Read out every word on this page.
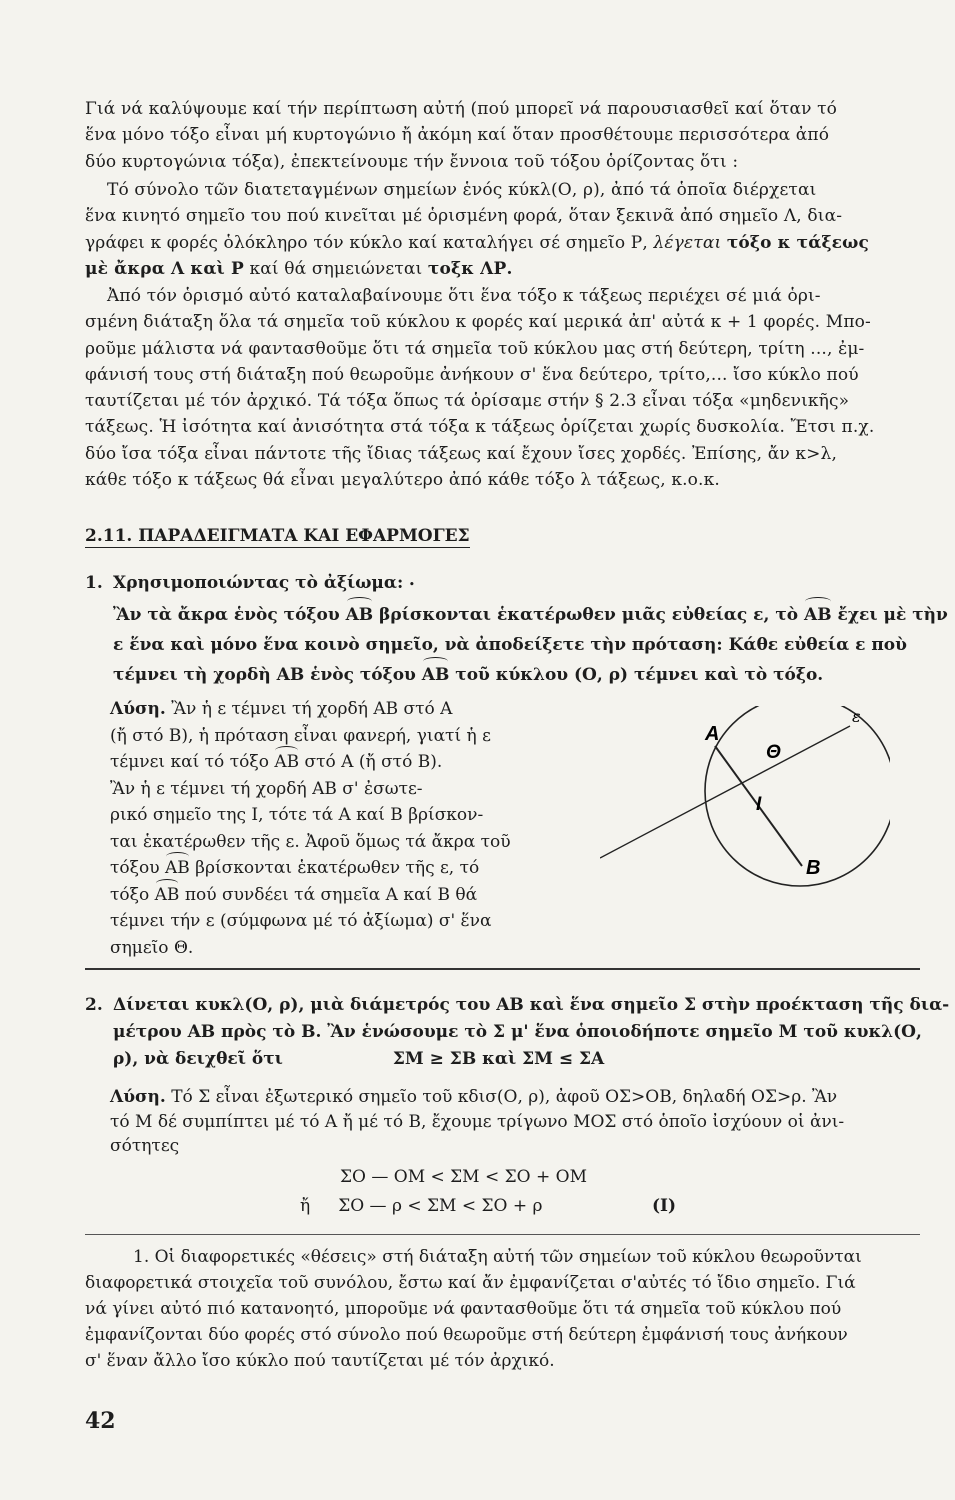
Γιά νά καλύψουμε καί τήν περίπτωση αὐτή (πού μπορεῖ νά παρουσιασθεῖ καί ὅταν τό
ἕνα μόνο τόξο εἶναι μή κυρτογώνιο ἤ ἀκόμη καί ὅταν προσθέτουμε περισσότερα ἀπό
δύο κυρτογώνια τόξα), ἐπεκτείνουμε τήν ἔννοια τοῦ τόξου ὁρίζοντας ὅτι :
Τό σύνολο τῶν διατεταγμένων σημείων ἑνός κύκλ(Ο, ρ), ἀπό τά ὁποῖα διέρχεται
ἕνα κινητό σημεῖο του πού κινεῖται μέ ὁρισμένη φορά, ὅταν ξεκινᾶ ἀπό σημεῖο Λ, δια-
γράφει κ φορές ὁλόκληρο τόν κύκλο καί καταλήγει σέ σημεῖο Ρ, λέγεται τόξο κ τάξεως
μὲ ἄκρα Λ καὶ Ρ καί θά σημειώνεται τοξκ ΛΡ.
Ἀπό τόν ὁρισμό αὐτό καταλαβαίνουμε ὅτι ἕνα τόξο κ τάξεως περιέχει σέ μιά ὁρι-
σμένη διάταξη ὅλα τά σημεῖα τοῦ κύκλου κ φορές καί μερικά ἀπ' αὐτά κ + 1 φορές. Μπο-
ροῦμε μάλιστα νά φαντασθοῦμε ὅτι τά σημεῖα τοῦ κύκλου μας στή δεύτερη, τρίτη ..., ἐμ-
φάνισή τους στή διάταξη πού θεωροῦμε ἀνήκουν σ' ἕνα δεύτερο, τρίτο,... ἴσο κύκλο πού
ταυτίζεται μέ τόν ἀρχικό. Τά τόξα ὅπως τά ὁρίσαμε στήν § 2.3 εἶναι τόξα «μηδενικῆς»
τάξεως. Ἡ ἰσότητα καί ἀνισότητα στά τόξα κ τάξεως ὁρίζεται χωρίς δυσκολία. Ἔτσι π.χ.
δύο ἴσα τόξα εἶναι πάντοτε τῆς ἴδιας τάξεως καί ἔχουν ἴσες χορδές. Ἐπίσης, ἄν κ>λ,
κάθε τόξο κ τάξεως θά εἶναι μεγαλύτερο ἀπό κάθε τόξο λ τάξεως, κ.ο.κ.
2.11. ΠΑΡΑΔΕΙΓΜΑΤΑ ΚΑΙ ΕΦΑΡΜΟΓΕΣ
1. Χρησιμοποιώντας τὸ ἀξίωμα: •
Ἂν τὰ ἄκρα ἑνὸς τόξου ΑΒ βρίσκονται ἑκατέρωθεν μιᾶς εὐθείας ε, τὸ ΑΒ ἔχει μὲ τὴν
ε ἕνα καὶ μόνο ἕνα κοινὸ σημεῖο, νὰ ἀποδείξετε τὴν πρόταση: Κάθε εὐθεία ε ποὺ
τέμνει τὴ χορδὴ ΑΒ ἑνὸς τόξου ΑΒ τοῦ κύκλου (Ο, ρ) τέμνει καὶ τὸ τόξο.
Λύση. Ἂν ἡ ε τέμνει τή χορδή ΑΒ στό Α
(ἤ στό Β), ἡ πρόταση εἶναι φανερή, γιατί ἡ ε
τέμνει καί τό τόξο ΑΒ στό Α (ἤ στό Β).
Ἂν ἡ ε τέμνει τή χορδή ΑΒ σ' ἐσωτε-
ρικό σημεῖο της Ι, τότε τά Α καί Β βρίσκον-
ται ἑκατέρωθεν τῆς ε. Ἀφοῦ ὅμως τά ἄκρα τοῦ
τόξου ΑΒ βρίσκονται ἑκατέρωθεν τῆς ε, τό
τόξο ΑΒ πού συνδέει τά σημεῖα Α καί Β θά
τέμνει τήν ε (σύμφωνα μέ τό ἀξίωμα) σ' ἕνα
σημεῖο Θ.
A
B
Θ
I
ε
2. Δίνεται κυκλ(Ο, ρ), μιὰ διάμετρός του ΑΒ καὶ ἕνα σημεῖο Σ στὴν προέκταση τῆς δια-
μέτρου ΑΒ πρὸς τὸ Β. Ἂν ἑνώσουμε τὸ Σ μ' ἕνα ὁποιοδήποτε σημεῖο Μ τοῦ κυκλ(Ο,
ρ), νὰ δειχθεῖ ὅτι	ΣΜ ≥ ΣΒ καὶ ΣΜ ≤ ΣΑ
Λύση. Τό Σ εἶναι ἐξωτερικό σημεῖο τοῦ κδισ(Ο, ρ), ἀφοῦ ΟΣ>ΟΒ, δηλαδή ΟΣ>ρ. Ἂν
τό Μ δέ συμπίπτει μέ τό Α ἤ μέ τό Β, ἔχουμε τρίγωνο ΜΟΣ στό ὁποῖο ἰσχύουν οἱ ἀνι-
σότητες
ΣΟ — ΟΜ < ΣΜ < ΣΟ + ΟΜ
ἤ ΣΟ — ρ < ΣΜ < ΣΟ + ρ	(Ι)
1. Οἱ διαφορετικές «θέσεις» στή διάταξη αὐτή τῶν σημείων τοῦ κύκλου θεωροῦνται
διαφορετικά στοιχεῖα τοῦ συνόλου, ἔστω καί ἄν ἐμφανίζεται σ'αὐτές τό ἴδιο σημεῖο. Γιά
νά γίνει αὐτό πιό κατανοητό, μποροῦμε νά φαντασθοῦμε ὅτι τά σημεῖα τοῦ κύκλου πού
ἐμφανίζονται δύο φορές στό σύνολο πού θεωροῦμε στή δεύτερη ἐμφάνισή τους ἀνήκουν
σ' ἕναν ἄλλο ἴσο κύκλο πού ταυτίζεται μέ τόν ἀρχικό.
42
